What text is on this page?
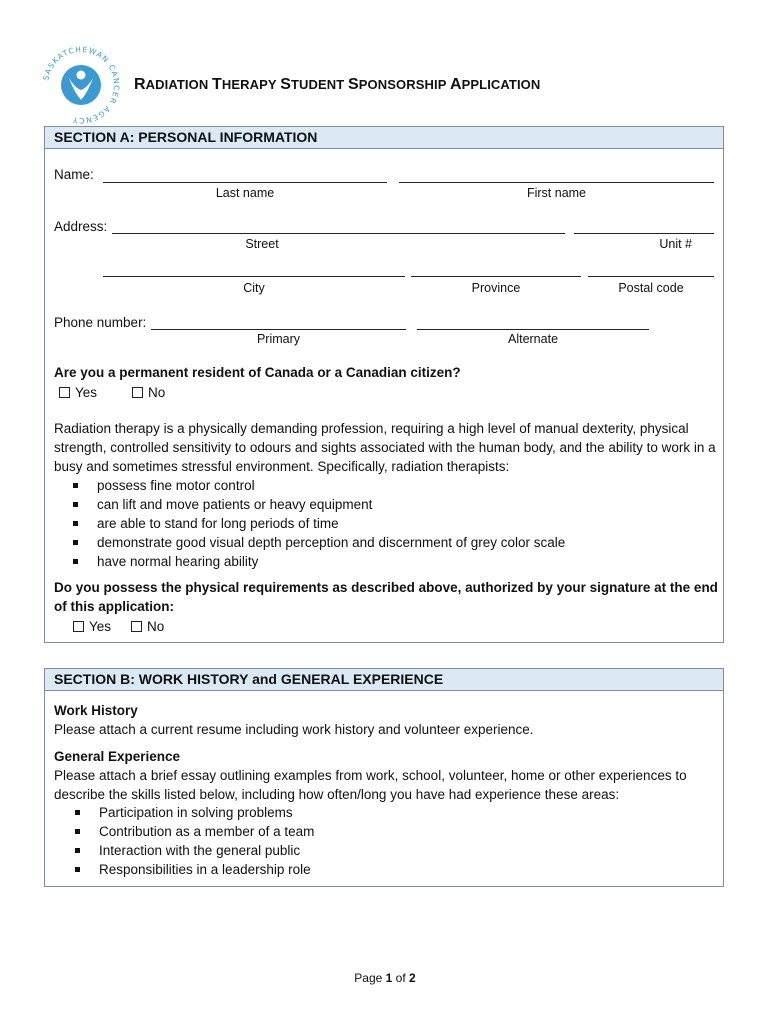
SASKATCHEWAN CANCER AGENCY
RADIATION THERAPY STUDENT SPONSORSHIP APPLICATION
SECTION A: PERSONAL INFORMATION
Name:
Last name	First name
Address:
Street	Unit #
City	Province	Postal code
Phone number:
Primary	Alternate
Are you a permanent resident of Canada or a Canadian citizen?
Yes	No
Radiation therapy is a physically demanding profession, requiring a high level of manual dexterity, physical strength, controlled sensitivity to odours and sights associated with the human body, and the ability to work in a busy and sometimes stressful environment. Specifically, radiation therapists:
possess fine motor control
can lift and move patients or heavy equipment
are able to stand for long periods of time
demonstrate good visual depth perception and discernment of grey color scale
have normal hearing ability
Do you possess the physical requirements as described above, authorized by your signature at the end of this application:
Yes	No
SECTION B: WORK HISTORY and GENERAL EXPERIENCE
Work History
Please attach a current resume including work history and volunteer experience.
General Experience
Please attach a brief essay outlining examples from work, school, volunteer, home or other experiences to describe the skills listed below, including how often/long you have had experience these areas:
Participation in solving problems
Contribution as a member of a team
Interaction with the general public
Responsibilities in a leadership role
Page 1 of 2
